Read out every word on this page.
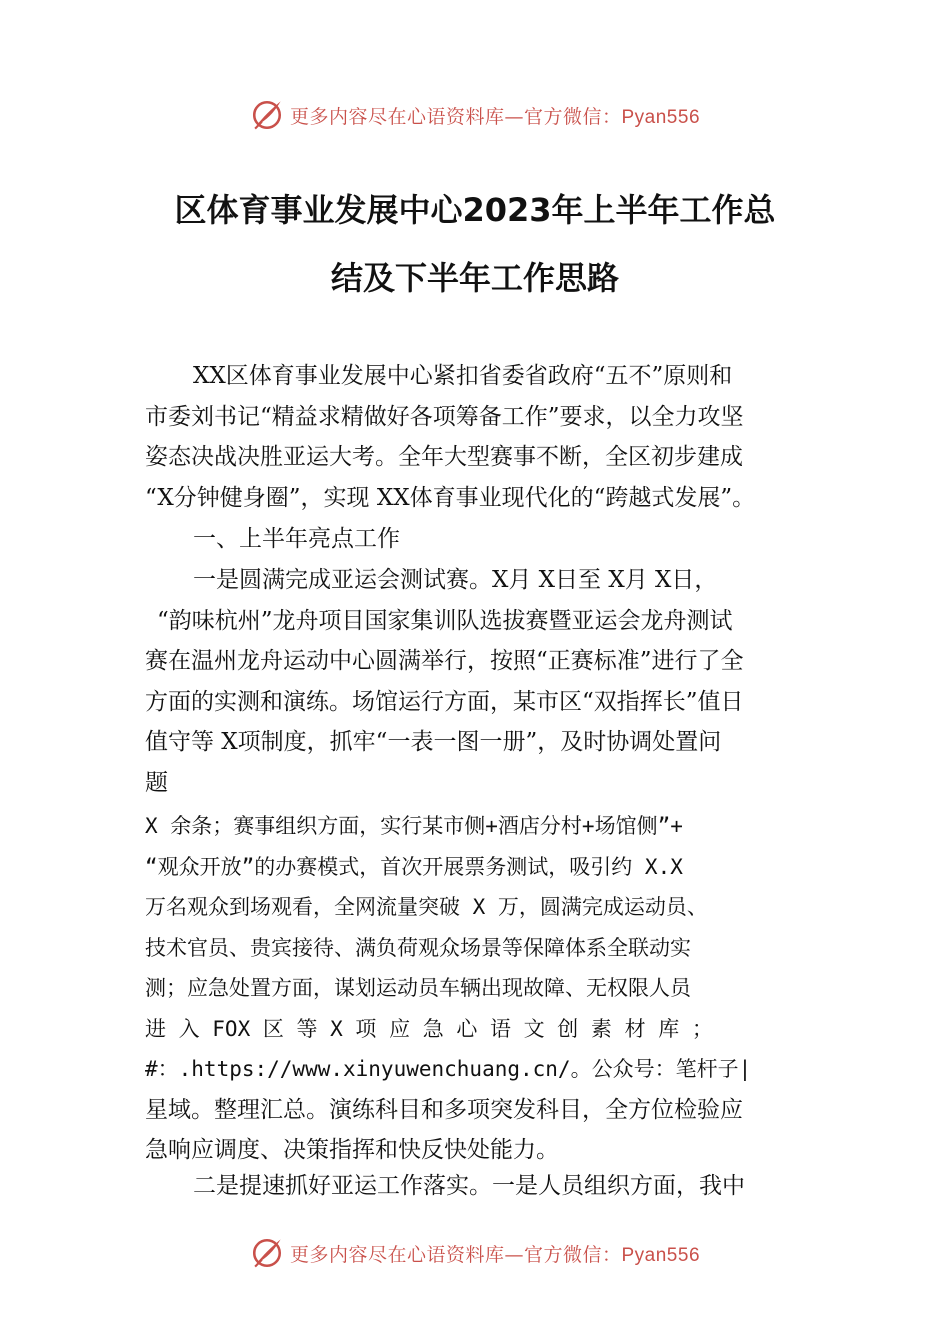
更多内容尽在心语资料库—官方微信：Pyan556
区体育事业发展中心2023年上半年工作总
结及下半年工作思路
XX区体育事业发展中心紧扣省委省政府“五不”原则和
市委刘书记“精益求精做好各项筹备工作”要求，以全力攻坚
姿态决战决胜亚运大考。全年大型赛事不断，全区初步建成
“X分钟健身圈”，实现 XX体育事业现代化的“跨越式发展”。
一、上半年亮点工作
一是圆满完成亚运会测试赛。X月 X日至 X月 X日，
“韵味杭州”龙舟项目国家集训队选拔赛暨亚运会龙舟测试
赛在温州龙舟运动中心圆满举行，按照“正赛标准”进行了全
方面的实测和演练。场馆运行方面，某市区“双指挥长”值日
值守等 X项制度，抓牢“一表一图一册”，及时协调处置问
题
X 余条；赛事组织方面，实行某市侧+酒店分村+场馆侧”+
“观众开放”的办赛模式，首次开展票务测试，吸引约 X.X
万名观众到场观看，全网流量突破 X 万，圆满完成运动员、
技术官员、贵宾接待、满负荷观众场景等保障体系全联动实
测；应急处置方面，谋划运动员车辆出现故障、无权限人员
进 入 FOX 区 等 X 项 应 急 心 语 文 创 素 材 库 ；
#：.https://www.xinyuwenchuang.cn/。公众号：笔杆子|
星域。整理汇总。演练科目和多项突发科目，全方位检验应
急响应调度、决策指挥和快反快处能力。
二是提速抓好亚运工作落实。一是人员组织方面，我中
更多内容尽在心语资料库—官方微信：Pyan556
